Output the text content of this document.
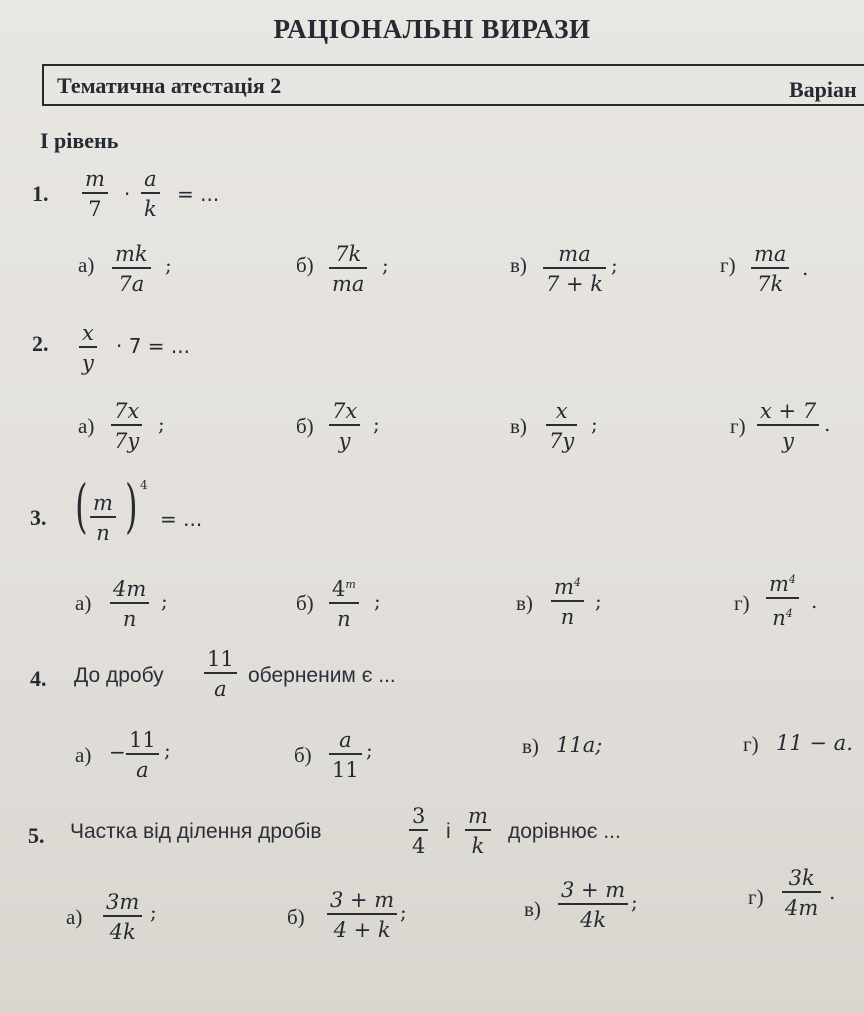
РАЦІОНАЛЬНІ ВИРАЗИ
Тематична атестація 2	Варіан
І рівень
1.
m
7
·
a
k
= ...
а) mk
7a
;	б) 7k
ma
;	в) ma
7 + k
;	г) ma
7k
.
2. x
y
· 7 = ...
а)
7x
7y
;	б)
7x
y
;	в)
x
7y
;	г)
x + 7
y
.
3. ( m
n ) 4
= ...
а)
4m
n
;	б)
4$^m$
n
;	в)
$m^4$
n
;	г)
$m^4$
$n^4$
.
4. До дробу
11
a
оберненим є ...
а) − 11
a
;	б)
a
11
;	в) 11a;	г) 11 − a.
5. Частка від ділення дробів
3
4
і
m
k
дорівнює ...
а)
3m
4k
;	б)
3 + m
4 + k
;	в)
3 + m
4k
;	г)
3k
4m
.
